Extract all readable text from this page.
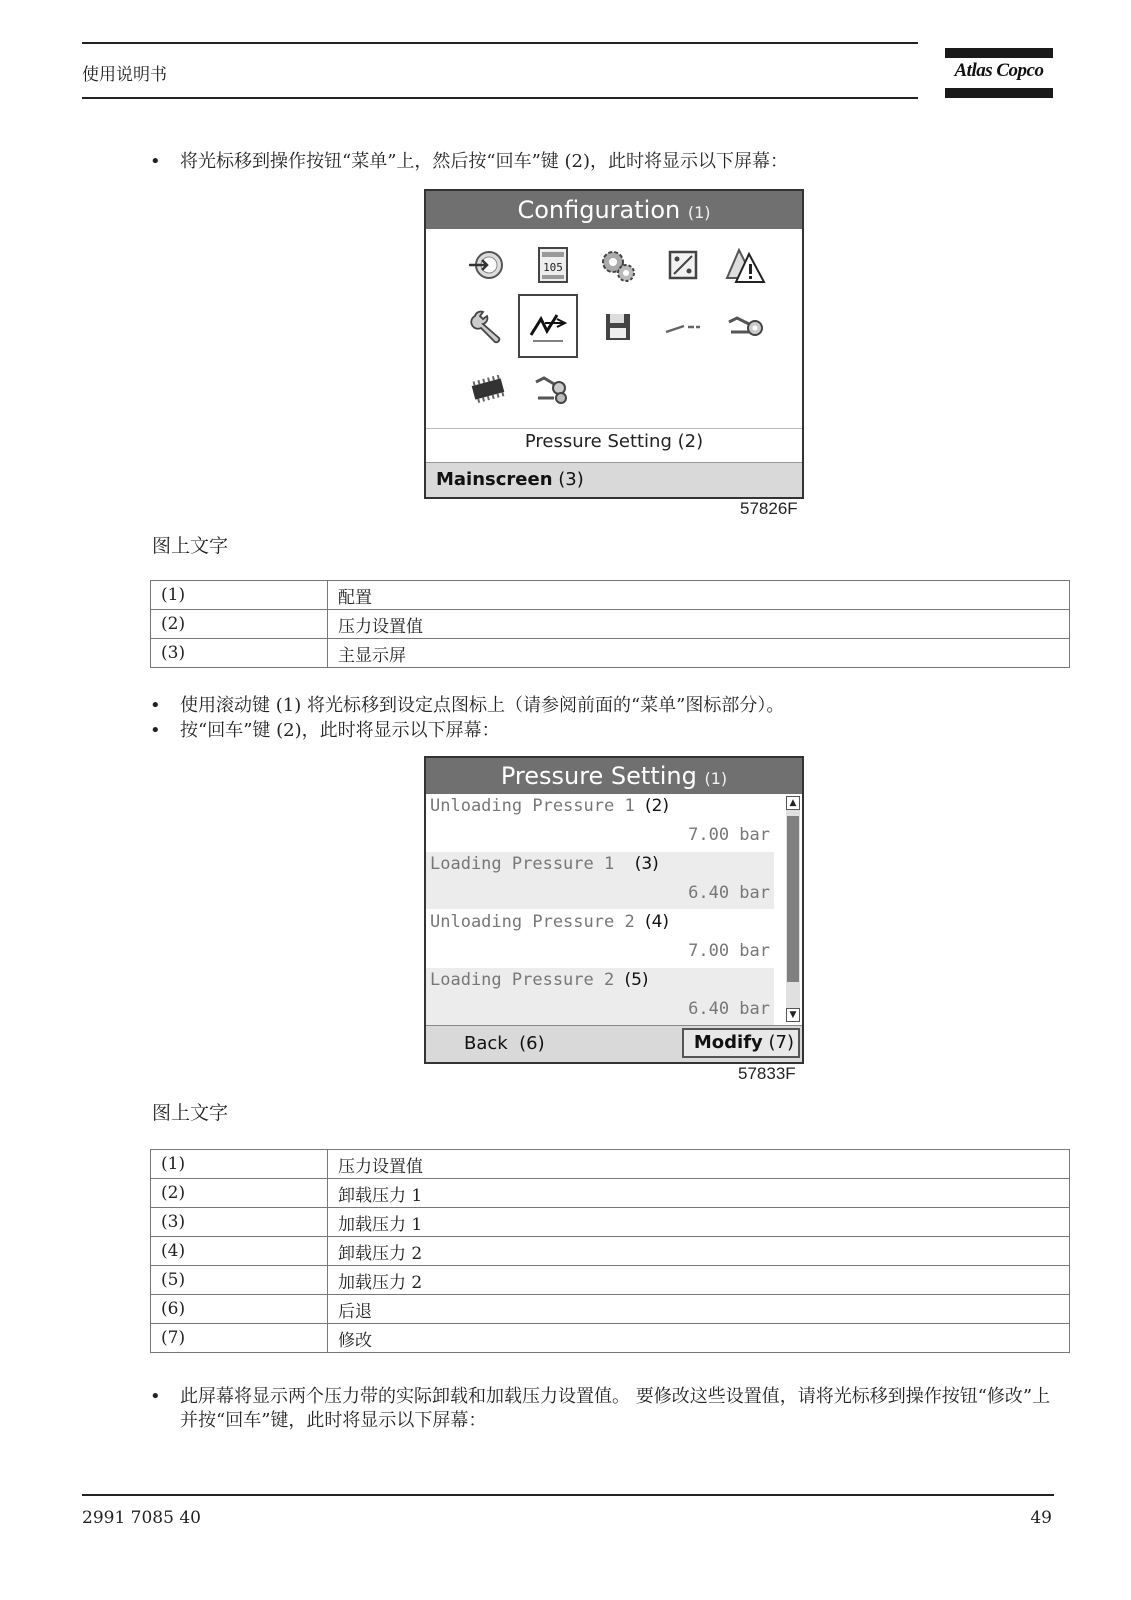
使用说明书	Atlas Copco
• 将光标移到操作按钮“菜单”上，然后按“回车”键 (2)，此时将显示以下屏幕：
Configuration (1)
105
Pressure Setting (2)
Mainscreen (3)
57826F
图上文字
(1)	配置
(2)	压力设置值
(3)	主显示屏
• 使用滚动键 (1) 将光标移到设定点图标上（请参阅前面的“菜单”图标部分）。
• 按“回车”键 (2)，此时将显示以下屏幕：
Pressure Setting (1)
Unloading Pressure 1 (2)
7.00 bar
Loading Pressure 1 (3)
6.40 bar
Unloading Pressure 2 (4)
7.00 bar
Loading Pressure 2 (5)
6.40 bar
▲
▼
Back (6)	Modify (7)
57833F
图上文字
(1)	压力设置值
(2)	卸载压力 1
(3)	加载压力 1
(4)	卸载压力 2
(5)	加载压力 2
(6)	后退
(7)	修改
• 此屏幕将显示两个压力带的实际卸载和加载压力设置值。 要修改这些设置值，请将光标移到操作按钮“修改”上并按“回车”键，此时将显示以下屏幕：
2991 7085 40	49
